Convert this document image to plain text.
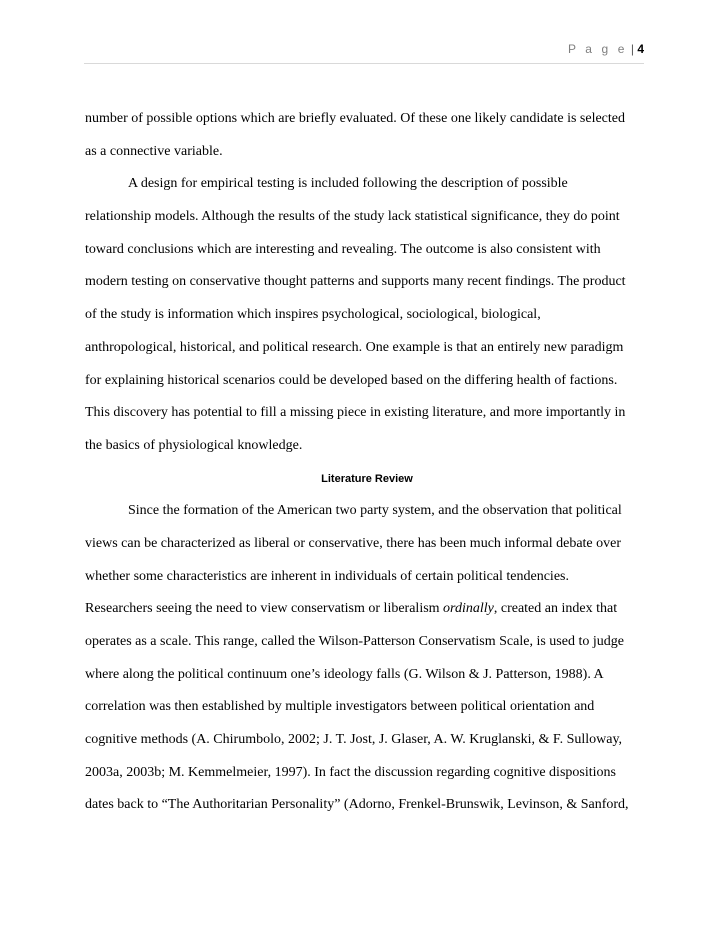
P a g e | 4
number of possible options which are briefly evaluated. Of these one likely candidate is selected
as a connective variable.
A design for empirical testing is included following the description of possible
relationship models. Although the results of the study lack statistical significance, they do point
toward conclusions which are interesting and revealing. The outcome is also consistent with
modern testing on conservative thought patterns and supports many recent findings. The product
of the study is information which inspires psychological, sociological, biological,
anthropological, historical, and political research. One example is that an entirely new paradigm
for explaining historical scenarios could be developed based on the differing health of factions.
This discovery has potential to fill a missing piece in existing literature, and more importantly in
the basics of physiological knowledge.
Literature Review
Since the formation of the American two party system, and the observation that political
views can be characterized as liberal or conservative, there has been much informal debate over
whether some characteristics are inherent in individuals of certain political tendencies.
Researchers seeing the need to view conservatism or liberalism ordinally, created an index that
operates as a scale. This range, called the Wilson-Patterson Conservatism Scale, is used to judge
where along the political continuum one’s ideology falls (G. Wilson & J. Patterson, 1988). A
correlation was then established by multiple investigators between political orientation and
cognitive methods (A. Chirumbolo, 2002; J. T. Jost, J. Glaser, A. W. Kruglanski, & F. Sulloway,
2003a, 2003b; M. Kemmelmeier, 1997). In fact the discussion regarding cognitive dispositions
dates back to “The Authoritarian Personality” (Adorno, Frenkel-Brunswik, Levinson, & Sanford,
